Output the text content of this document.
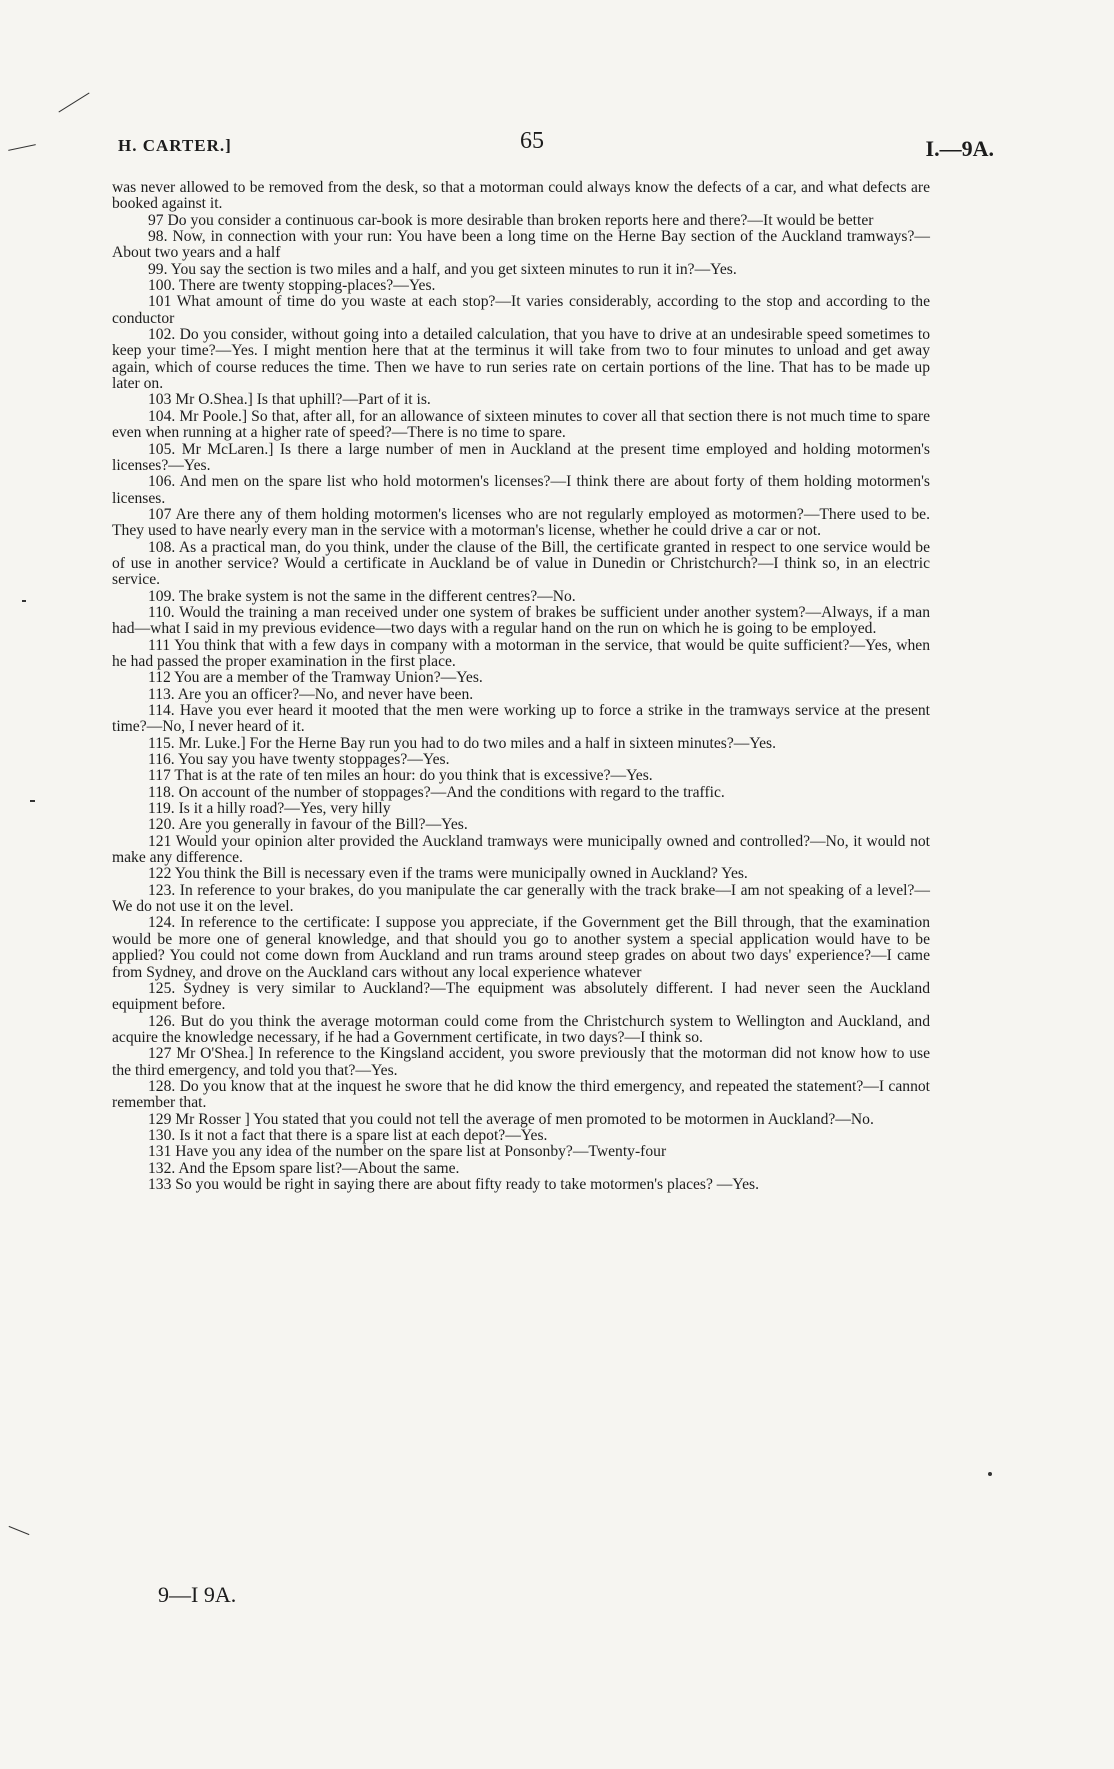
H. CARTER.]	65	I.—9A.

was never allowed to be removed from the desk, so that a motorman could always know the defects of a car, and what defects are booked against it.

97 Do you consider a continuous car-book is more desirable than broken reports here and there?—It would be better

98. Now, in connection with your run: You have been a long time on the Herne Bay section of the Auckland tramways?—About two years and a half

99. You say the section is two miles and a half, and you get sixteen minutes to run it in?—Yes.

100. There are twenty stopping-places?—Yes.

101 What amount of time do you waste at each stop?—It varies considerably, according to the stop and according to the conductor

102. Do you consider, without going into a detailed calculation, that you have to drive at an undesirable speed sometimes to keep your time?—Yes. I might mention here that at the terminus it will take from two to four minutes to unload and get away again, which of course reduces the time. Then we have to run series rate on certain portions of the line. That has to be made up later on.

103 Mr O.Shea.] Is that uphill?—Part of it is.

104. Mr Poole.] So that, after all, for an allowance of sixteen minutes to cover all that section there is not much time to spare even when running at a higher rate of speed?—There is no time to spare.

105. Mr McLaren.] Is there a large number of men in Auckland at the present time employed and holding motormen's licenses?—Yes.

106. And men on the spare list who hold motormen's licenses?—I think there are about forty of them holding motormen's licenses.

107 Are there any of them holding motormen's licenses who are not regularly employed as motormen?—There used to be. They used to have nearly every man in the service with a motorman's license, whether he could drive a car or not.

108. As a practical man, do you think, under the clause of the Bill, the certificate granted in respect to one service would be of use in another service? Would a certificate in Auckland be of value in Dunedin or Christchurch?—I think so, in an electric service.

109. The brake system is not the same in the different centres?—No.

110. Would the training a man received under one system of brakes be sufficient under another system?—Always, if a man had—what I said in my previous evidence—two days with a regular hand on the run on which he is going to be employed.

111 You think that with a few days in company with a motorman in the service, that would be quite sufficient?—Yes, when he had passed the proper examination in the first place.

112 You are a member of the Tramway Union?—Yes.

113. Are you an officer?—No, and never have been.

114. Have you ever heard it mooted that the men were working up to force a strike in the tramways service at the present time?—No, I never heard of it.

115. Mr. Luke.] For the Herne Bay run you had to do two miles and a half in sixteen minutes?—Yes.

116. You say you have twenty stoppages?—Yes.

117 That is at the rate of ten miles an hour: do you think that is excessive?—Yes.

118. On account of the number of stoppages?—And the conditions with regard to the traffic.

119. Is it a hilly road?—Yes, very hilly

120. Are you generally in favour of the Bill?—Yes.

121 Would your opinion alter provided the Auckland tramways were municipally owned and controlled?—No, it would not make any difference.

122 You think the Bill is necessary even if the trams were municipally owned in Auckland? Yes.

123. In reference to your brakes, do you manipulate the car generally with the track brake—I am not speaking of a level?—We do not use it on the level.

124. In reference to the certificate: I suppose you appreciate, if the Government get the Bill through, that the examination would be more one of general knowledge, and that should you go to another system a special application would have to be applied? You could not come down from Auckland and run trams around steep grades on about two days' experience?—I came from Sydney, and drove on the Auckland cars without any local experience whatever

125. Sydney is very similar to Auckland?—The equipment was absolutely different. I had never seen the Auckland equipment before.

126. But do you think the average motorman could come from the Christchurch system to Wellington and Auckland, and acquire the knowledge necessary, if he had a Government certificate, in two days?—I think so.

127 Mr O'Shea.] In reference to the Kingsland accident, you swore previously that the motorman did not know how to use the third emergency, and told you that?—Yes.

128. Do you know that at the inquest he swore that he did know the third emergency, and repeated the statement?—I cannot remember that.

129 Mr Rosser ] You stated that you could not tell the average of men promoted to be motormen in Auckland?—No.

130. Is it not a fact that there is a spare list at each depot?—Yes.

131 Have you any idea of the number on the spare list at Ponsonby?—Twenty-four

132. And the Epsom spare list?—About the same.

133 So you would be right in saying there are about fifty ready to take motormen's places? —Yes.

9—I 9A.
